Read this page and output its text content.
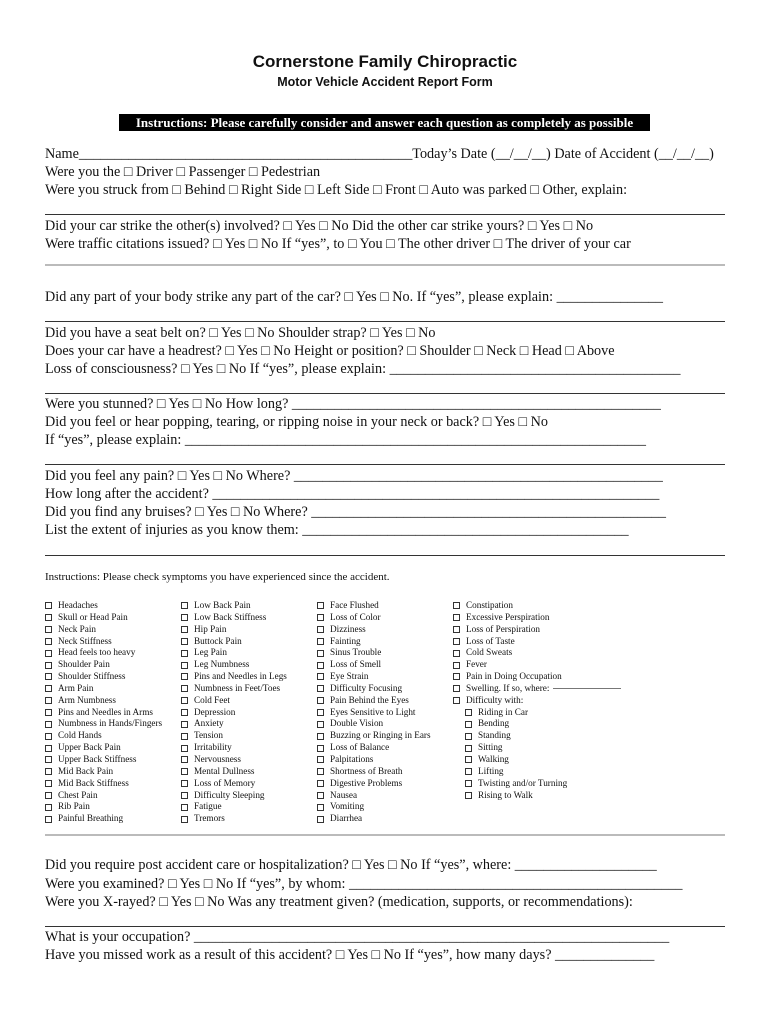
Cornerstone Family Chiropractic
Motor Vehicle Accident Report Form
Instructions: Please carefully consider and answer each question as completely as possible
Name_______________________________________________Today’s Date (__/__/__) Date of Accident (__/__/__)
Were you the □ Driver □ Passenger □ Pedestrian
Were you struck from □ Behind □ Right Side □ Left Side □ Front □ Auto was parked □ Other, explain:
Did your car strike the other(s) involved? □ Yes □ No Did the other car strike yours? □ Yes □ No
Were traffic citations issued? □ Yes □ No If “yes”, to □ You □ The other driver □ The driver of your car
Did any part of your body strike any part of the car? □ Yes □ No. If “yes”, please explain: _______________
Did you have a seat belt on? □ Yes □ No Shoulder strap? □ Yes □ No
Does your car have a headrest? □ Yes □ No Height or position? □ Shoulder □ Neck □ Head □ Above
Loss of consciousness? □ Yes □ No If “yes”, please explain: _________________________________________
Were you stunned? □ Yes □ No How long? ____________________________________________________
Did you feel or hear popping, tearing, or ripping noise in your neck or back? □ Yes □ No
If “yes”, please explain: _________________________________________________________________
Did you feel any pain? □ Yes □ No Where? ____________________________________________________
How long after the accident? _______________________________________________________________
Did you find any bruises? □ Yes □ No Where? __________________________________________________
List the extent of injuries as you know them: ______________________________________________
Instructions: Please check symptoms you have experienced since the accident.
Headaches
Skull or Head Pain
Neck Pain
Neck Stiffness
Head feels too heavy
Shoulder Pain
Shoulder Stiffness
Arm Pain
Arm Numbness
Pins and Needles in Arms
Numbness in Hands/Fingers
Cold Hands
Upper Back Pain
Upper Back Stiffness
Mid Back Pain
Mid Back Stiffness
Chest Pain
Rib Pain
Painful Breathing
Low Back Pain
Low Back Stiffness
Hip Pain
Buttock Pain
Leg Pain
Leg Numbness
Pins and Needles in Legs
Numbness in Feet/Toes
Cold Feet
Depression
Anxiety
Tension
Irritability
Nervousness
Mental Dullness
Loss of Memory
Difficulty Sleeping
Fatigue
Tremors
Face Flushed
Loss of Color
Dizziness
Fainting
Sinus Trouble
Loss of Smell
Eye Strain
Difficulty Focusing
Pain Behind the Eyes
Eyes Sensitive to Light
Double Vision
Buzzing or Ringing in Ears
Loss of Balance
Palpitations
Shortness of Breath
Digestive Problems
Nausea
Vomiting
Diarrhea
Constipation
Excessive Perspiration
Loss of Perspiration
Loss of Taste
Cold Sweats
Fever
Pain in Doing Occupation
Swelling. If so, where:
Difficulty with:
Riding in Car
Bending
Standing
Sitting
Walking
Lifting
Twisting and/or Turning
Rising to Walk
Did you require post accident care or hospitalization? □ Yes □ No If “yes”, where: ____________________
Were you examined? □ Yes □ No If “yes”, by whom: _______________________________________________
Were you X-rayed? □ Yes □ No Was any treatment given? (medication, supports, or recommendations):
What is your occupation? ___________________________________________________________________
Have you missed work as a result of this accident? □ Yes □ No If “yes”, how many days? ______________
